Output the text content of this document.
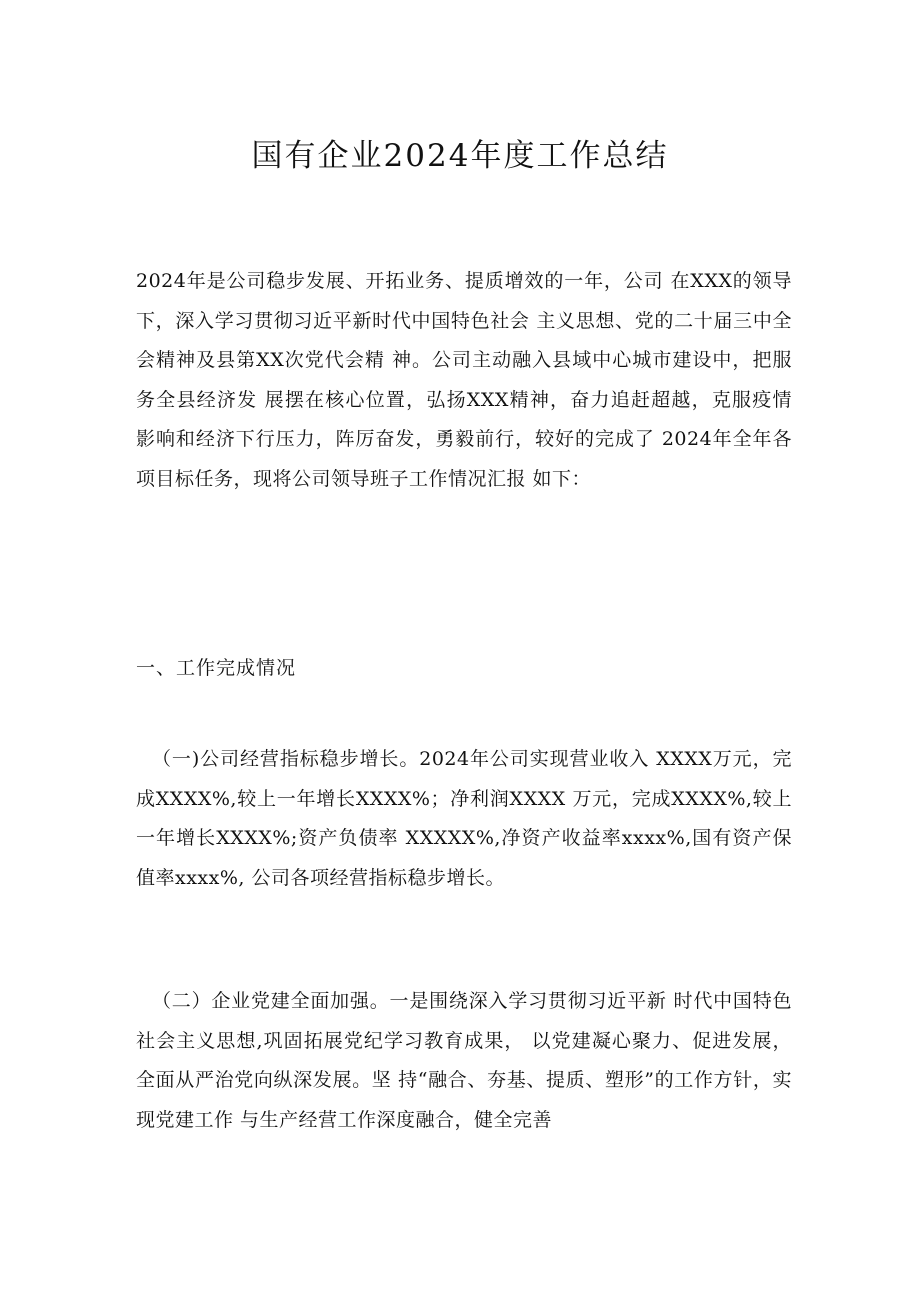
国有企业2024年度工作总结

2024年是公司稳步发展、开拓业务、提质增效的一年，公司 在XXX的领导下，深入学习贯彻习近平新时代中国特色社会 主义思想、党的二十届三中全会精神及县第XX次党代会精 神。公司主动融入县域中心城市建设中，把服务全县经济发 展摆在核心位置，弘扬XXX精神，奋力追赶超越，克服疫情 影响和经济下行压力，阵厉奋发，勇毅前行，较好的完成了 2024年全年各项目标任务，现将公司领导班子工作情况汇报 如下：

一、工作完成情况

（一)公司经营指标稳步增长。2024年公司实现营业收入 XXXX万元，完成XXXX%,较上一年增长XXXX%；净利润XXXX 万元，完成XXXX%,较上一年增长XXXX%;资产负债率 XXXXX%,净资产收益率xxxx%,国有资产保值率xxxx%, 公司各项经营指标稳步增长。

（二）企业党建全面加强。一是围绕深入学习贯彻习近平新 时代中国特色社会主义思想,巩固拓展党纪学习教育成果， 以党建凝心聚力、促进发展，全面从严治党向纵深发展。坚 持“融合、夯基、提质、塑形”的工作方针，实现党建工作 与生产经营工作深度融合，健全完善
